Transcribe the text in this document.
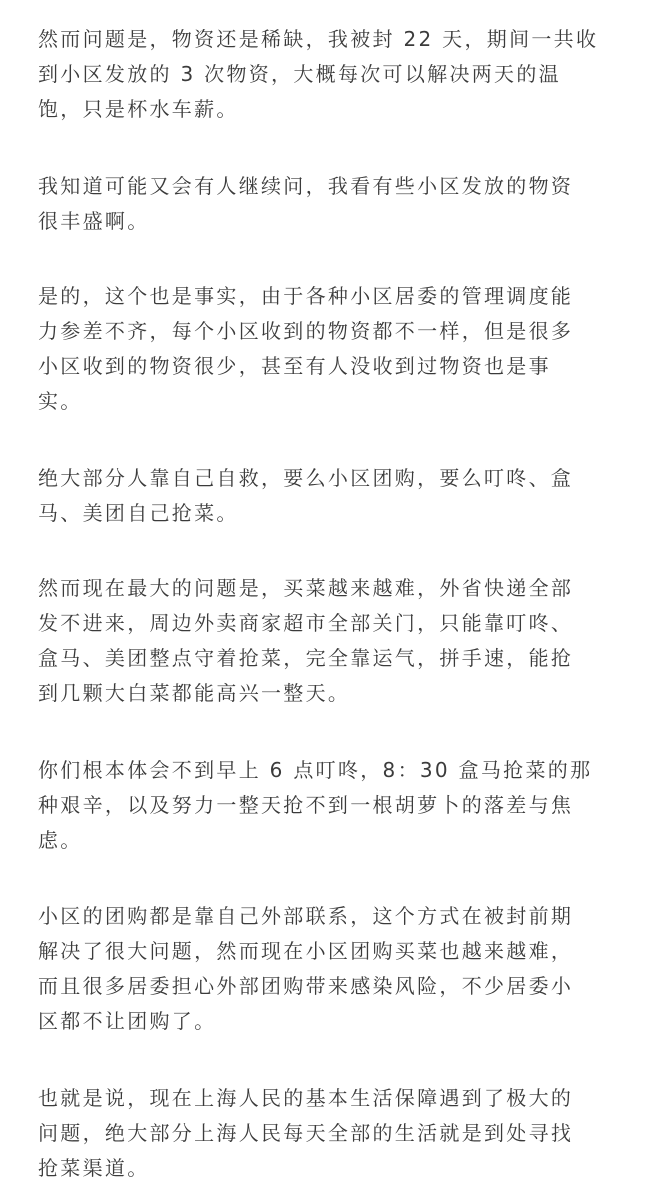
然而问题是，物资还是稀缺，我被封 22 天，期间一共收
到小区发放的 3 次物资，大概每次可以解决两天的温
饱，只是杯水车薪。

我知道可能又会有人继续问，我看有些小区发放的物资
很丰盛啊。

是的，这个也是事实，由于各种小区居委的管理调度能
力参差不齐，每个小区收到的物资都不一样，但是很多
小区收到的物资很少，甚至有人没收到过物资也是事
实。

绝大部分人靠自己自救，要么小区团购，要么叮咚、盒
马、美团自己抢菜。

然而现在最大的问题是，买菜越来越难，外省快递全部
发不进来，周边外卖商家超市全部关门，只能靠叮咚、
盒马、美团整点守着抢菜，完全靠运气，拼手速，能抢
到几颗大白菜都能高兴一整天。

你们根本体会不到早上 6 点叮咚，8：30 盒马抢菜的那
种艰辛，以及努力一整天抢不到一根胡萝卜的落差与焦
虑。

小区的团购都是靠自己外部联系，这个方式在被封前期
解决了很大问题，然而现在小区团购买菜也越来越难，
而且很多居委担心外部团购带来感染风险，不少居委小
区都不让团购了。

也就是说，现在上海人民的基本生活保障遇到了极大的
问题，绝大部分上海人民每天全部的生活就是到处寻找
抢菜渠道。
